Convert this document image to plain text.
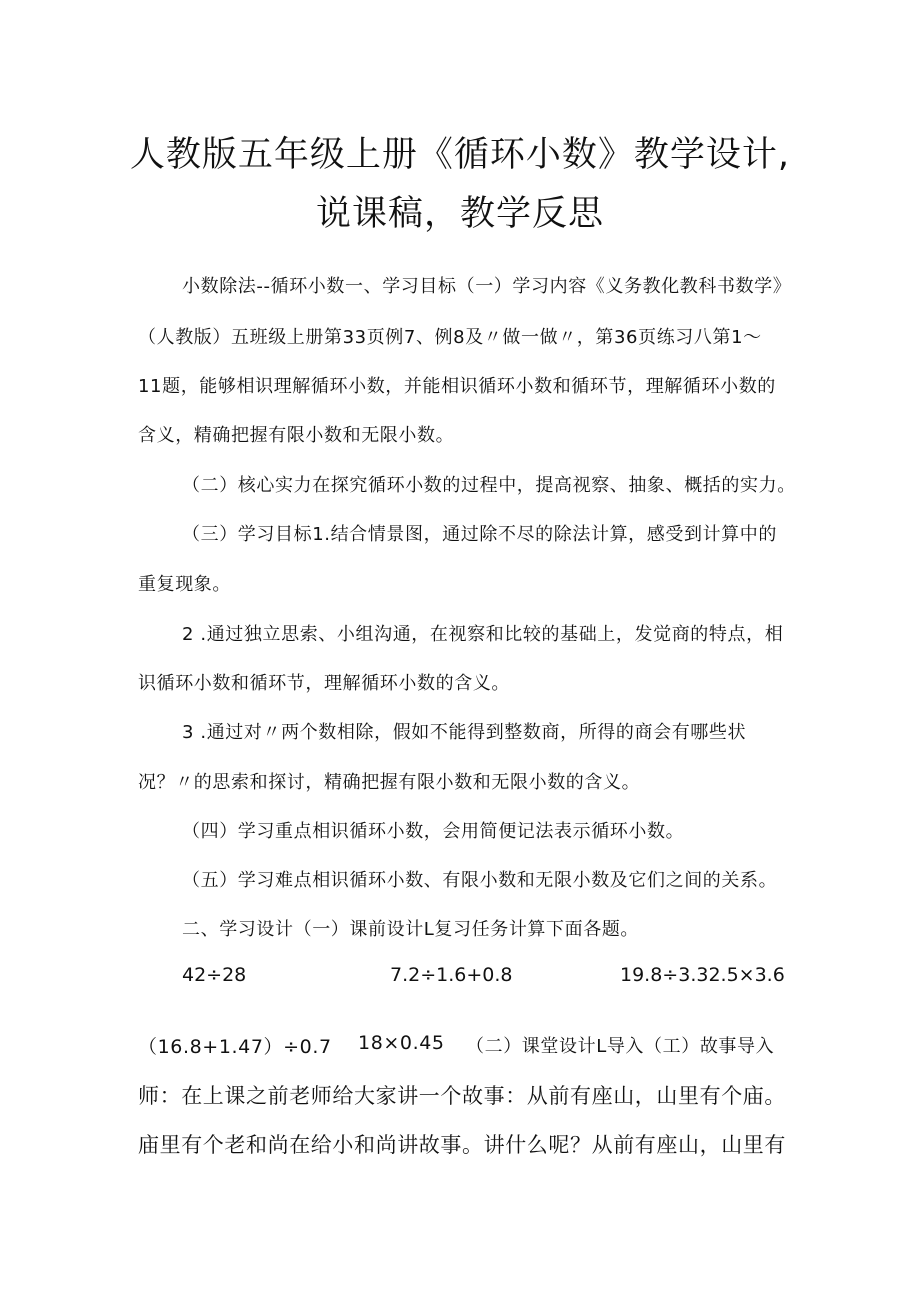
人教版五年级上册《循环小数》教学设计,
说课稿，教学反思
小数除法--循环小数一、学习目标（一）学习内容《义务教化教科书数学》
（人教版）五班级上册第33页例7、例8及〃做一做〃，第36页练习八第1～
11题，能够相识理解循环小数，并能相识循环小数和循环节，理解循环小数的
含义，精确把握有限小数和无限小数。
（二）核心实力在探究循环小数的过程中，提高视察、抽象、概括的实力。
（三）学习目标1.结合情景图，通过除不尽的除法计算，感受到计算中的
重复现象。
2 .通过独立思索、小组沟通，在视察和比较的基础上，发觉商的特点，相
识循环小数和循环节，理解循环小数的含义。
3 .通过对〃两个数相除，假如不能得到整数商，所得的商会有哪些状
况？〃的思索和探讨，精确把握有限小数和无限小数的含义。
（四）学习重点相识循环小数，会用简便记法表示循环小数。
（五）学习难点相识循环小数、有限小数和无限小数及它们之间的关系。
二、学习设计（一）课前设计L复习任务计算下面各题。
42÷28	7.2÷1.6+0.8	19.8÷3.32.5×3.6
（16.8+1.47）÷0.7 18×0.45 （二）课堂设计L导入（工）故事导入
师：在上课之前老师给大家讲一个故事：从前有座山，山里有个庙。
庙里有个老和尚在给小和尚讲故事。讲什么呢？从前有座山，山里有
